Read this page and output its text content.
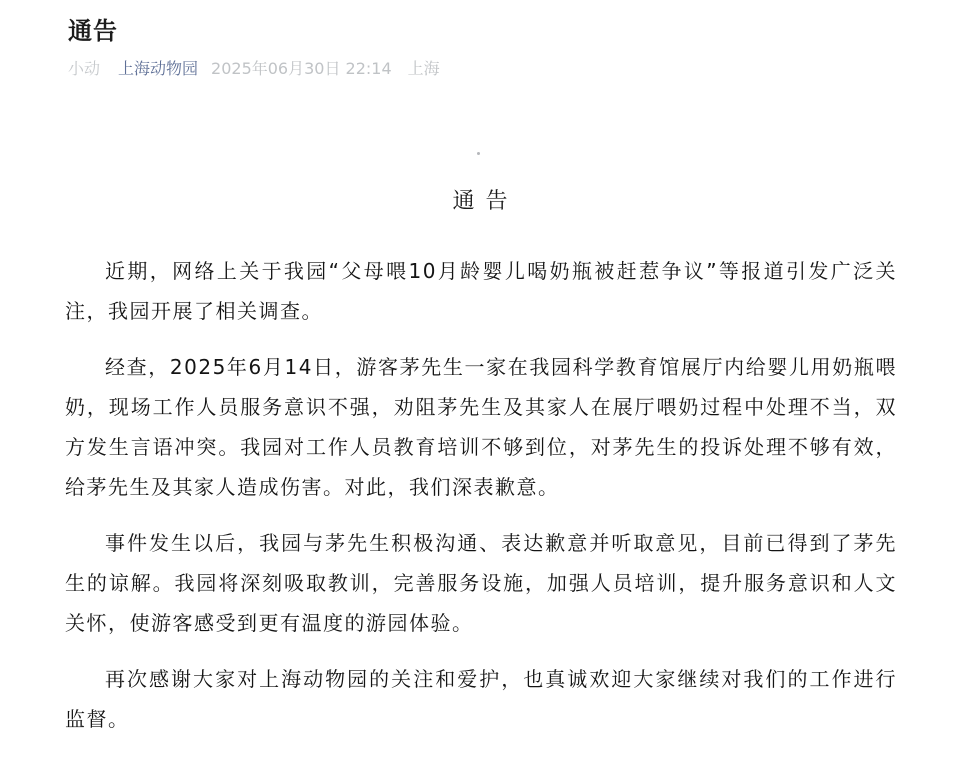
通告
小动 上海动物园 2025年06月30日 22:14 上海
通 告

近期，网络上关于我园“父母喂10月龄婴儿喝奶瓶被赶惹争议”等报道引发广泛关注，我园开展了相关调查。

经查，2025年6月14日，游客茅先生一家在我园科学教育馆展厅内给婴儿用奶瓶喂奶，现场工作人员服务意识不强，劝阻茅先生及其家人在展厅喂奶过程中处理不当，双方发生言语冲突。我园对工作人员教育培训不够到位，对茅先生的投诉处理不够有效，给茅先生及其家人造成伤害。对此，我们深表歉意。

事件发生以后，我园与茅先生积极沟通、表达歉意并听取意见，目前已得到了茅先生的谅解。我园将深刻吸取教训，完善服务设施，加强人员培训，提升服务意识和人文关怀，使游客感受到更有温度的游园体验。

再次感谢大家对上海动物园的关注和爱护，也真诚欢迎大家继续对我们的工作进行监督。
